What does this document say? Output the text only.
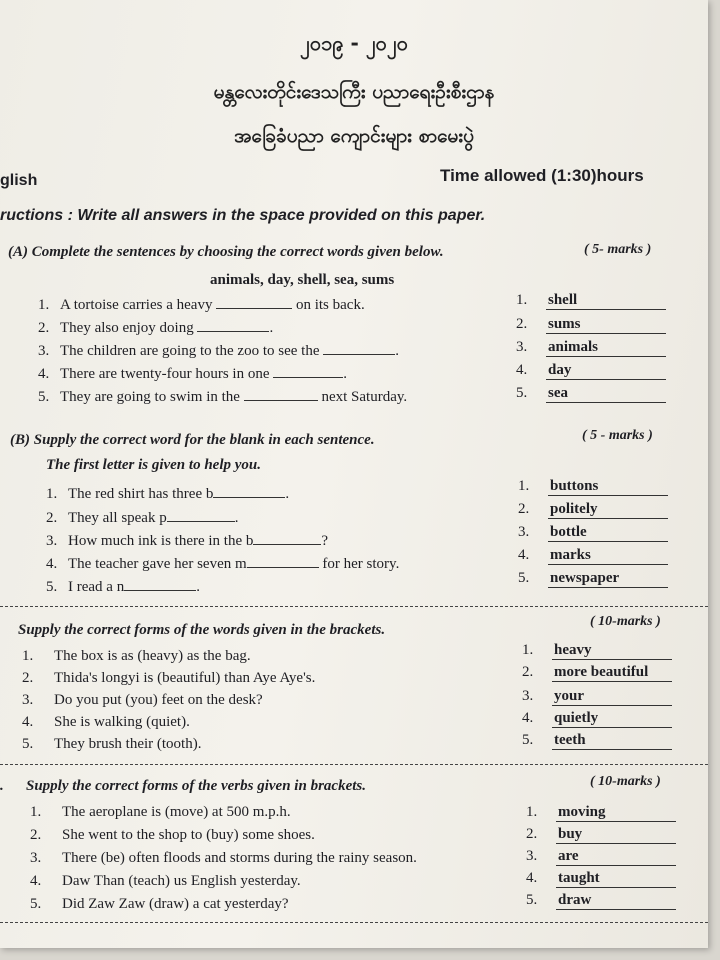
၂၀၁၉ - ၂၀၂၀
မန္တလေးတိုင်းဒေသကြီး ပညာရေးဦးစီးဌာန
အခြေခံပညာ ကျောင်းများ စာမေးပွဲ
glish	Time allowed (1:30)hours
ructions : Write all answers in the space provided on this paper.
(A) Complete the sentences by choosing the correct words given below.	( 5- marks )
animals, day, shell, sea, sums
1. A tortoise carries a heavy	on its back.
2. They also enjoy doing	.
3. The children are going to the zoo to see the	.
4. There are twenty-four hours in one	.
5. They are going to swim in the	next Saturday.
1. shell
2. sums
3. animals
4. day
5. sea
(B) Supply the correct word for the blank in each sentence.
The first letter is given to help you.
( 5 - marks )
1. The red shirt has three b	.
2. They all speak p	.
3. How much ink is there in the b	?
4. The teacher gave her seven m	for her story.
5. I read a n	.
1. buttons
2. politely
3. bottle
4. marks
5. newspaper
Supply the correct forms of the words given in the brackets.
( 10-marks )
1. The box is as (heavy) as the bag.
2. Thida's longyi is (beautiful) than Aye Aye's.
3. Do you put (you) feet on the desk?
4. She is walking (quiet).
5. They brush their (tooth).
1. heavy
2. more beautiful
3. your
4. quietly
5. teeth
. Supply the correct forms of the verbs given in brackets.	( 10-marks )
1. The aeroplane is (move) at 500 m.p.h.
2. She went to the shop to (buy) some shoes.
3. There (be) often floods and storms during the rainy season.
4. Daw Than (teach) us English yesterday.
5. Did Zaw Zaw (draw) a cat yesterday?
1. moving
2. buy
3. are
4. taught
5. draw
